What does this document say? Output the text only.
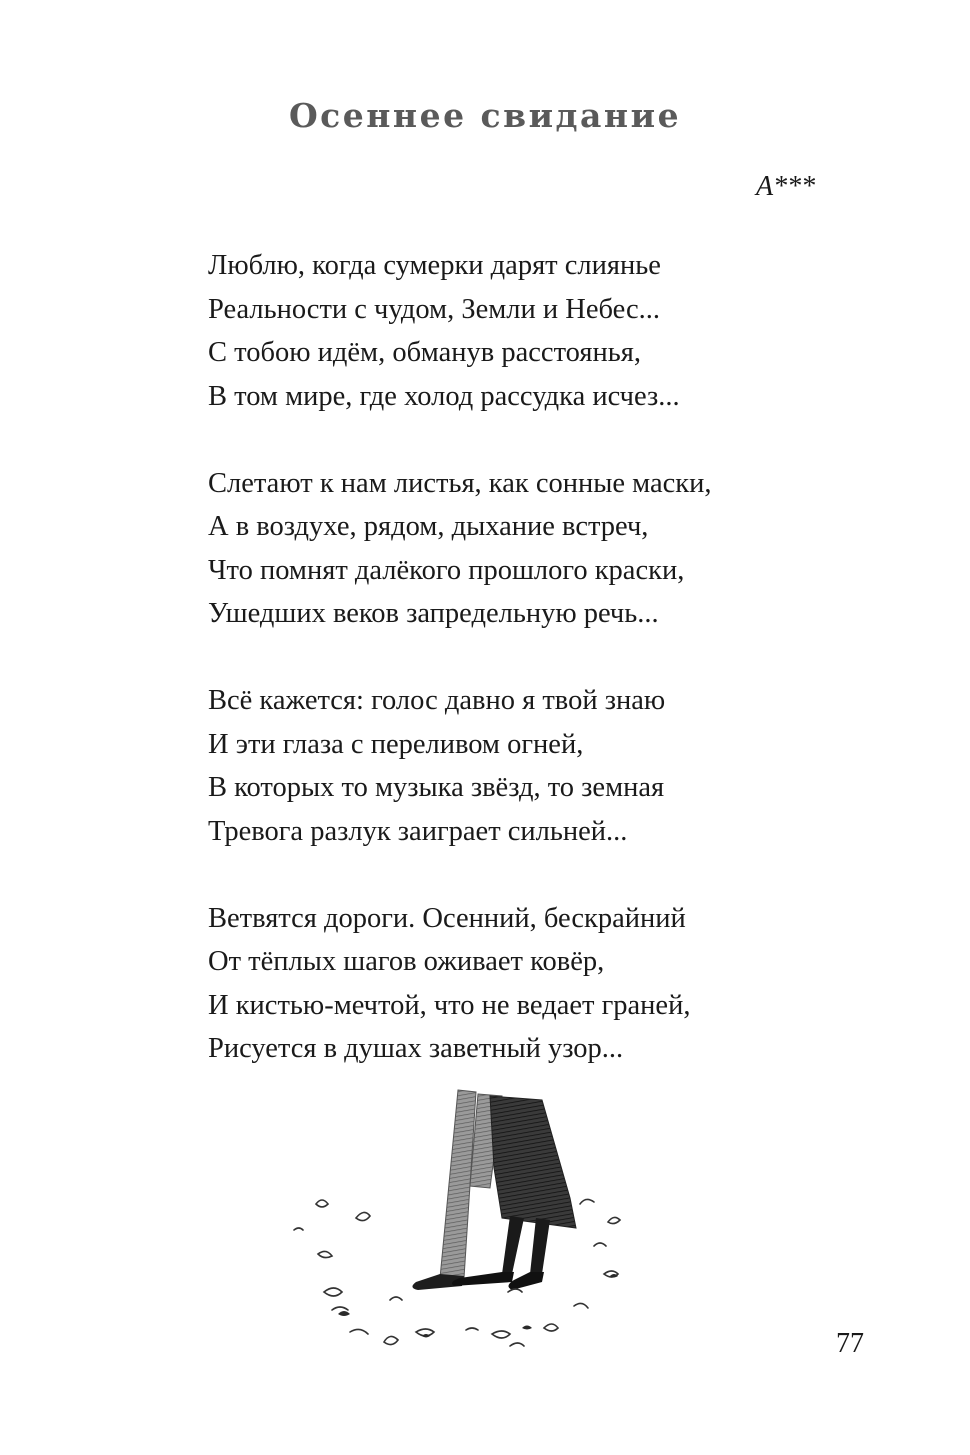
Осеннее свидание
А***
Люблю, когда сумерки дарят слиянье
Реальности с чудом, Земли и Небес...
С тобою идём, обманув расстоянья,
В том мире, где холод рассудка исчез...
Слетают к нам листья, как сонные маски,
А в воздухе, рядом, дыхание встреч,
Что помнят далёкого прошлого краски,
Ушедших веков запредельную речь...
Всё кажется: голос давно я твой знаю
И эти глаза с переливом огней,
В которых то музыка звёзд, то земная
Тревога разлук заиграет сильней...
Ветвятся дороги. Осенний, бескрайний
От тёплых шагов оживает ковёр,
И кистью-мечтой, что не ведает граней,
Рисуется в душах заветный узор...
77
